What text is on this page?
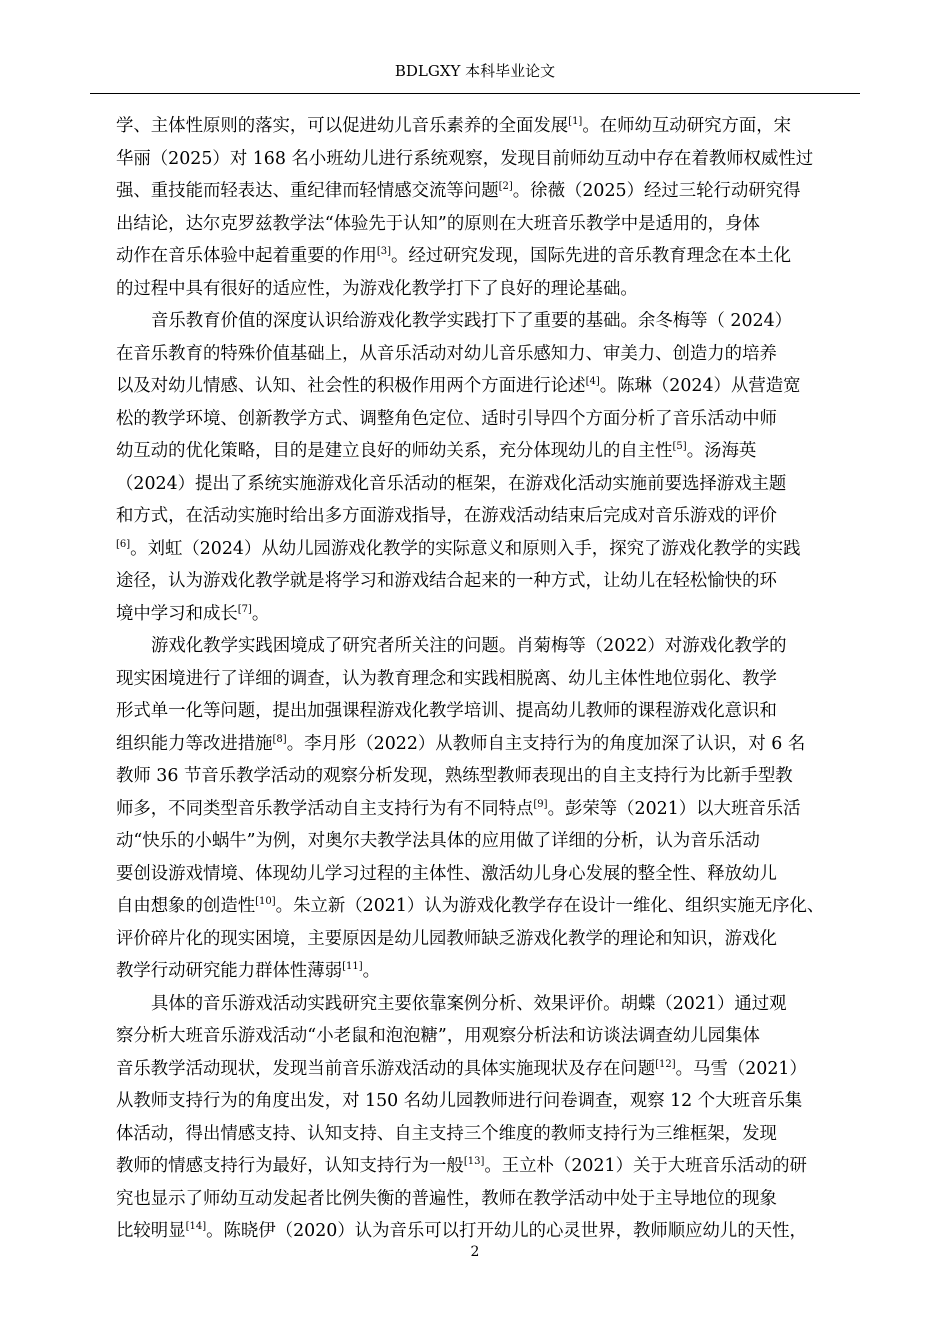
BDLGXY 本科毕业论文
学、主体性原则的落实，可以促进幼儿音乐素养的全面发展[1]。在师幼互动研究方面，宋
华丽（2025）对 168 名小班幼儿进行系统观察，发现目前师幼互动中存在着教师权威性过
强、重技能而轻表达、重纪律而轻情感交流等问题[2]。徐薇（2025）经过三轮行动研究得
出结论，达尔克罗兹教学法“体验先于认知”的原则在大班音乐教学中是适用的，身体
动作在音乐体验中起着重要的作用[3]。经过研究发现，国际先进的音乐教育理念在本土化
的过程中具有很好的适应性，为游戏化教学打下了良好的理论基础。
音乐教育价值的深度认识给游戏化教学实践打下了重要的基础。余冬梅等（ 2024）
在音乐教育的特殊价值基础上，从音乐活动对幼儿音乐感知力、审美力、创造力的培养
以及对幼儿情感、认知、社会性的积极作用两个方面进行论述[4]。陈琳（2024）从营造宽
松的教学环境、创新教学方式、调整角色定位、适时引导四个方面分析了音乐活动中师
幼互动的优化策略，目的是建立良好的师幼关系，充分体现幼儿的自主性[5]。汤海英
（2024）提出了系统实施游戏化音乐活动的框架，在游戏化活动实施前要选择游戏主题
和方式，在活动实施时给出多方面游戏指导，在游戏活动结束后完成对音乐游戏的评价
[6]。刘虹（2024）从幼儿园游戏化教学的实际意义和原则入手，探究了游戏化教学的实践
途径，认为游戏化教学就是将学习和游戏结合起来的一种方式，让幼儿在轻松愉快的环
境中学习和成长[7]。
游戏化教学实践困境成了研究者所关注的问题。肖菊梅等（2022）对游戏化教学的
现实困境进行了详细的调查，认为教育理念和实践相脱离、幼儿主体性地位弱化、教学
形式单一化等问题，提出加强课程游戏化教学培训、提高幼儿教师的课程游戏化意识和
组织能力等改进措施[8]。李月彤（2022）从教师自主支持行为的角度加深了认识，对 6 名
教师 36 节音乐教学活动的观察分析发现，熟练型教师表现出的自主支持行为比新手型教
师多，不同类型音乐教学活动自主支持行为有不同特点[9]。彭荣等（2021）以大班音乐活
动“快乐的小蜗牛”为例，对奥尔夫教学法具体的应用做了详细的分析，认为音乐活动
要创设游戏情境、体现幼儿学习过程的主体性、激活幼儿身心发展的整全性、释放幼儿
自由想象的创造性[10]。朱立新（2021）认为游戏化教学存在设计一维化、组织实施无序化、
评价碎片化的现实困境，主要原因是幼儿园教师缺乏游戏化教学的理论和知识，游戏化
教学行动研究能力群体性薄弱[11]。
具体的音乐游戏活动实践研究主要依靠案例分析、效果评价。胡蝶（2021）通过观
察分析大班音乐游戏活动“小老鼠和泡泡糖”，用观察分析法和访谈法调查幼儿园集体
音乐教学活动现状，发现当前音乐游戏活动的具体实施现状及存在问题[12]。马雪（2021）
从教师支持行为的角度出发，对 150 名幼儿园教师进行问卷调查，观察 12 个大班音乐集
体活动，得出情感支持、认知支持、自主支持三个维度的教师支持行为三维框架，发现
教师的情感支持行为最好，认知支持行为一般[13]。王立朴（2021）关于大班音乐活动的研
究也显示了师幼互动发起者比例失衡的普遍性，教师在教学活动中处于主导地位的现象
比较明显[14]。陈晓伊（2020）认为音乐可以打开幼儿的心灵世界，教师顺应幼儿的天性，
2
